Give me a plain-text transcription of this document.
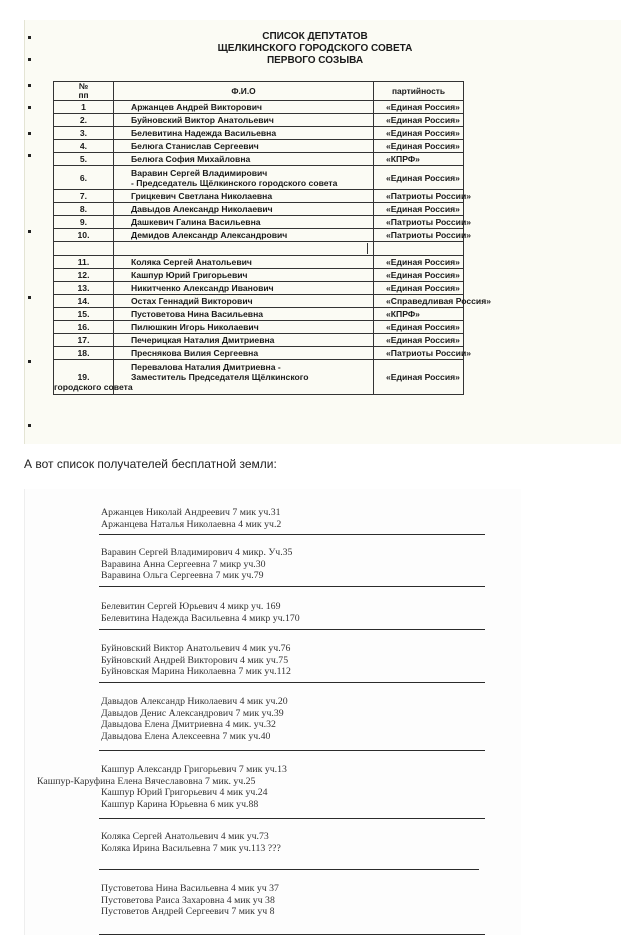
СПИСОК ДЕПУТАТОВ

ЩЕЛКИНСКОГО ГОРОДСКОГО СОВЕТА

ПЕРВОГО СОЗЫВА

№
пп	Ф.И.О	партийность
1	Аржанцев Андрей Викторович	«Единая Россия»
2.	Буйновский Виктор Анатольевич	«Единая Россия»
3.	Белевитина Надежда Васильевна	«Единая Россия»
4.	Белюга Станислав Сергеевич	«Единая Россия»
5.	Белюга София Михайловна	«КПРФ»
6.	Варавин Сергей Владимирович
- Председатель Щёлкинского городского совета	«Единая Россия»
7.	Грицкевич Светлана Николаевна	«Патриоты России»
8.	Давыдов Александр Николаевич	«Единая Россия»
9.	Дашкевич Галина Васильевна	«Патриоты России»
10.	Демидов Александр Александрович	«Патриоты России»

11.	Коляка Сергей Анатольевич	«Единая Россия»
12.	Кашпур Юрий Григорьевич	«Единая Россия»
13.	Никитченко Александр Иванович	«Единая Россия»
14.	Остах Геннадий Викторович	«Справедливая Россия»
15.	Пустоветова Нина Васильевна	«КПРФ»
16.	Пилюшкин Игорь Николаевич	«Единая Россия»
17.	Печерицкая Наталия Дмитриевна	«Единая Россия»
18.	Преснякова Вилия Сергеевна	«Патриоты России»
19.	Перевалова Наталия Дмитриевна -
Заместитель Председателя Щёлкинского
городского совета	«Единая Россия»

А вот список получателей бесплатной земли:

Аржанцев Николай Андреевич 7 мик уч.31

Аржанцева Наталья Николаевна 4 мик уч.2

Варавин Сергей Владимирович 4 микр. Уч.35

Варавина Анна Сергеевна 7 микр уч.30

Варавина Ольга Сергеевна 7 мик уч.79

Белевитин Сергей Юрьевич 4 микр уч. 169

Белевитина Надежда Васильевна 4 микр уч.170

Буйновский Виктор Анатольевич 4 мик уч.76

Буйновский Андрей Викторович 4 мик уч.75

Буйновская Марина Николаевна 7 мик уч.112

Давыдов Александр Николаевич 4 мик уч.20

Давыдов Денис Александрович 7 мик уч.39

Давыдова Елена Дмитриевна 4 мик. уч.32

Давыдова Елена Алексеевна 7 мик уч.40

Кашпур Александр Григорьевич 7 мик уч.13

Кашпур-Каруфина Елена Вячеславовна 7 мик. уч.25

Кашпур Юрий Григорьевич 4 мик уч.24

Кашпур Карина Юрьевна 6 мик уч.88

Коляка Сергей Анатольевич 4 мик уч.73

Коляка Ирина Васильевна 7 мик уч.113 ???

Пустоветова Нина Васильевна 4 мик уч 37

Пустоветова Раиса Захаровна 4 мик уч 38

Пустоветов Андрей Сергеевич 7 мик уч 8
